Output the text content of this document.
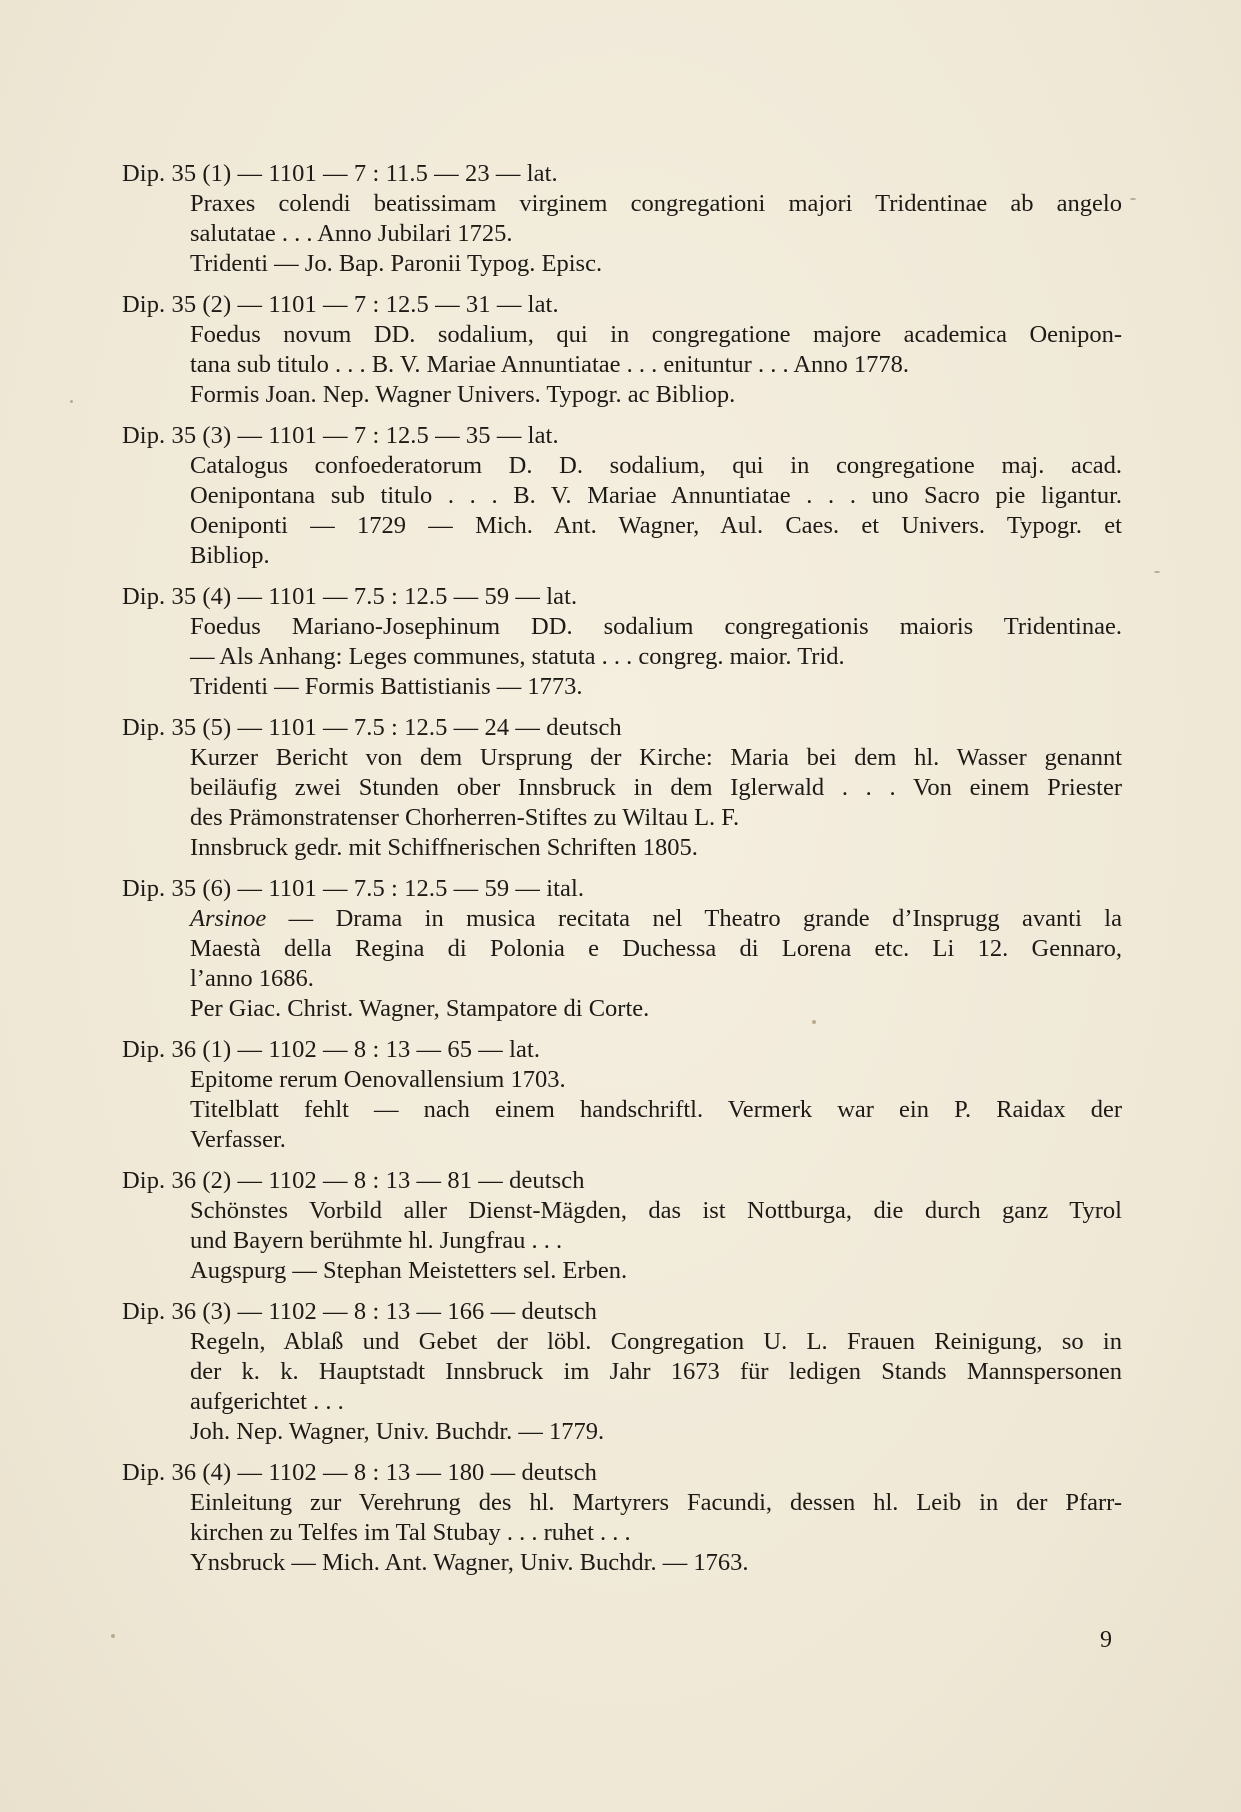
Dip. 35 (1) — 1101 — 7 : 11.5 — 23 — lat.
Praxes colendi beatissimam virginem congregationi majori Tridentinae ab angelo
salutatae . . . Anno Jubilari 1725.
Tridenti — Jo. Bap. Paronii Typog. Episc.
Dip. 35 (2) — 1101 — 7 : 12.5 — 31 — lat.
Foedus novum DD. sodalium, qui in congregatione majore academica Oenipon-
tana sub titulo . . . B. V. Mariae Annuntiatae . . . enituntur . . . Anno 1778.
Formis Joan. Nep. Wagner Univers. Typogr. ac Bibliop.
Dip. 35 (3) — 1101 — 7 : 12.5 — 35 — lat.
Catalogus confoederatorum D. D. sodalium, qui in congregatione maj. acad.
Oenipontana sub titulo . . . B. V. Mariae Annuntiatae . . . uno Sacro pie ligantur.
Oeniponti — 1729 — Mich. Ant. Wagner, Aul. Caes. et Univers. Typogr. et
Bibliop.
Dip. 35 (4) — 1101 — 7.5 : 12.5 — 59 — lat.
Foedus Mariano-Josephinum DD. sodalium congregationis maioris Tridentinae.
— Als Anhang: Leges communes, statuta . . . congreg. maior. Trid.
Tridenti — Formis Battistianis — 1773.
Dip. 35 (5) — 1101 — 7.5 : 12.5 — 24 — deutsch
Kurzer Bericht von dem Ursprung der Kirche: Maria bei dem hl. Wasser genannt
beiläufig zwei Stunden ober Innsbruck in dem Iglerwald . . . Von einem Priester
des Prämonstratenser Chorherren-Stiftes zu Wiltau L. F.
Innsbruck gedr. mit Schiffnerischen Schriften 1805.
Dip. 35 (6) — 1101 — 7.5 : 12.5 — 59 — ital.
Arsinoe — Drama in musica recitata nel Theatro grande d’Insprugg avanti la
Maestà della Regina di Polonia e Duchessa di Lorena etc. Li 12. Gennaro,
l’anno 1686.
Per Giac. Christ. Wagner, Stampatore di Corte.
Dip. 36 (1) — 1102 — 8 : 13 — 65 — lat.
Epitome rerum Oenovallensium 1703.
Titelblatt fehlt — nach einem handschriftl. Vermerk war ein P. Raidax der
Verfasser.
Dip. 36 (2) — 1102 — 8 : 13 — 81 — deutsch
Schönstes Vorbild aller Dienst-Mägden, das ist Nottburga, die durch ganz Tyrol
und Bayern berühmte hl. Jungfrau . . .
Augspurg — Stephan Meistetters sel. Erben.
Dip. 36 (3) — 1102 — 8 : 13 — 166 — deutsch
Regeln, Ablaß und Gebet der löbl. Congregation U. L. Frauen Reinigung, so in
der k. k. Hauptstadt Innsbruck im Jahr 1673 für ledigen Stands Mannspersonen
aufgerichtet . . .
Joh. Nep. Wagner, Univ. Buchdr. — 1779.
Dip. 36 (4) — 1102 — 8 : 13 — 180 — deutsch
Einleitung zur Verehrung des hl. Martyrers Facundi, dessen hl. Leib in der Pfarr-
kirchen zu Telfes im Tal Stubay . . . ruhet . . .
Ynsbruck — Mich. Ant. Wagner, Univ. Buchdr. — 1763.
9
